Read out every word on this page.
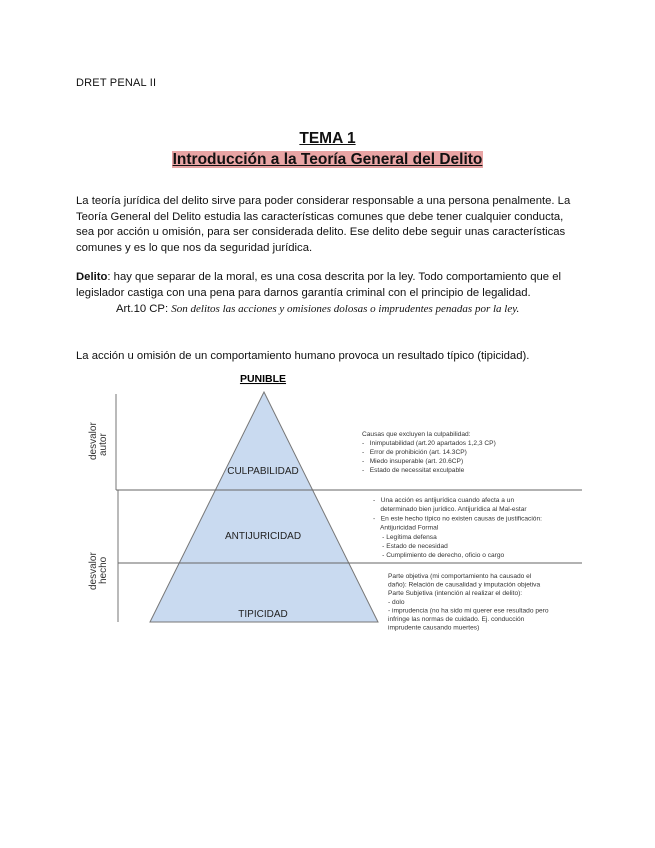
DRET PENAL II
TEMA 1
Introducción a la Teoría General del Delito
La teoría jurídica del delito sirve para poder considerar responsable a una persona penalmente. La Teoría General del Delito estudia las características comunes que debe tener cualquier conducta, sea por acción u omisión, para ser considerada delito. Ese delito debe seguir unas características comunes y es lo que nos da seguridad jurídica.
Delito: hay que separar de la moral, es una cosa descrita por la ley. Todo comportamiento que el legislador castiga con una pena para darnos garantía criminal con el principio de legalidad.
Art.10 CP: Son delitos las acciones y omisiones dolosas o imprudentes penadas por la ley.
La acción u omisión de un comportamiento humano provoca un resultado típico (tipicidad).
PUNIBLE
desvalor autor
desvalor hecho
CULPABILIDAD
ANTIJURICIDAD
TIPICIDAD
Causas que excluyen la culpabilidad:
-   Inimputabilidad (art.20 apartados 1,2,3 CP)
-   Error de prohibición (art. 14.3CP)
-   Miedo insuperable (art. 20.6CP)
-   Estado de necessitat exculpable
-   Una acción es antijurídica cuando afecta a un
determinado bien jurídico. Antijurídica al Mal-estar
-   En este hecho típico no existen causas de justificación:
Antijuricidad Formal
- Legítima defensa
- Estado de necesidad
- Cumplimiento de derecho, oficio o cargo
Parte objetiva (mi comportamiento ha causado el
daño): Relación de causalidad y imputación objetiva
Parte Subjetiva (intención al realizar el delito):
- dolo
- imprudencia (no ha sido mi querer ese resultado pero
infringe las normas de cuidado. Ej. conducción
imprudente causando muertes)
